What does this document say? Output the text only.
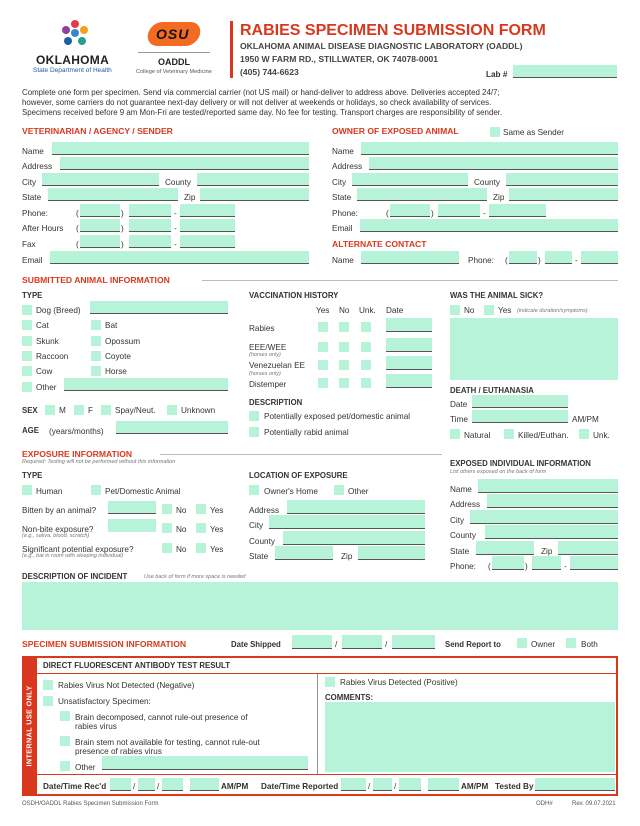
OKLAHOMA
State Department of Health
OSU
OADDL
College of Veterinary Medicine
RABIES SPECIMEN SUBMISSION FORM
OKLAHOMA ANIMAL DISEASE DIAGNOSTIC LABORATORY (OADDL)
1950 W FARM RD., STILLWATER, OK 74078-0001
(405) 744-6623	Lab #
Complete one form per specimen. Send via commercial carrier (not US mail) or hand-deliver to address above. Deliveries accepted 24/7;
however, some carriers do not guarantee next-day delivery or will not deliver at weekends or holidays, so check availability of services.
Specimens received before 9 am Mon-Fri are tested/reported same day. No fee for testing. Transport charges are responsibility of sender.
VETERINARIAN / AGENCY / SENDER
Name
Address
City	County
State	Zip
Phone:	(	)	-
After Hours (	)	-
Fax	(	)	-
Email
OWNER OF EXPOSED ANIMAL	Same as Sender
Name
Address
City	County
State	Zip
Phone:	(	)	-
Email
ALTERNATE CONTACT
Name	Phone: (	)	-
SUBMITTED ANIMAL INFORMATION
TYPE
Dog (Breed)
Cat	Bat
Skunk	Opossum
Raccoon	Coyote
Cow	Horse
Other
SEX	M	F	Spay/Neut.	Unknown
AGE (years/months)
VACCINATION HISTORY
Yes No Unk. Date
Rabies
EEE/WEE
(horses only)
Venezuelan EE
(horses only)
Distemper
DESCRIPTION
Potentially exposed pet/domestic animal
Potentially rabid animal
WAS THE ANIMAL SICK?
No	Yes (indicate duration/symptoms)
DEATH / EUTHANASIA
Date
Time	AM/PM
Natural	Killed/Euthan.	Unk.
EXPOSURE INFORMATION
Required: Testing will not be performed without this information
TYPE
Human	Pet/Domestic Animal
Bitten by an animal?	No	Yes
Non-bite exposure?
(e.g., saliva, blood, scratch)
No	Yes
Significant potential exposure?
(e.g., bat in room with sleeping individual)
No	Yes
LOCATION OF EXPOSURE
Owner's Home	Other
Address
City
County
State	Zip
EXPOSED INDIVIDUAL INFORMATION
List others exposed on the back of form
Name
Address
City
County
State	Zip
Phone: (	)	-
DESCRIPTION OF INCIDENT	Use back of form if more space is needed
SPECIMEN SUBMISSION INFORMATION	Date Shipped	/	/	Send Report to	Owner	Both
INTERNAL USE ONLY
DIRECT FLUORESCENT ANTIBODY TEST RESULT
Rabies Virus Not Detected (Negative)
Unsatisfactory Specimen:
Brain decomposed, cannot rule-out presence of
rabies virus
Brain stem not available for testing, cannot rule-out
presence of rabies virus
Other
Rabies Virus Detected (Positive)
COMMENTS:
Date/Time Rec'd	/	/	AM/PM Date/Time Reported	/	/	AM/PM Tested By
OSDH/OADDL Rabies Specimen Submission Form	ODH#	Rev. 09.07.2021
